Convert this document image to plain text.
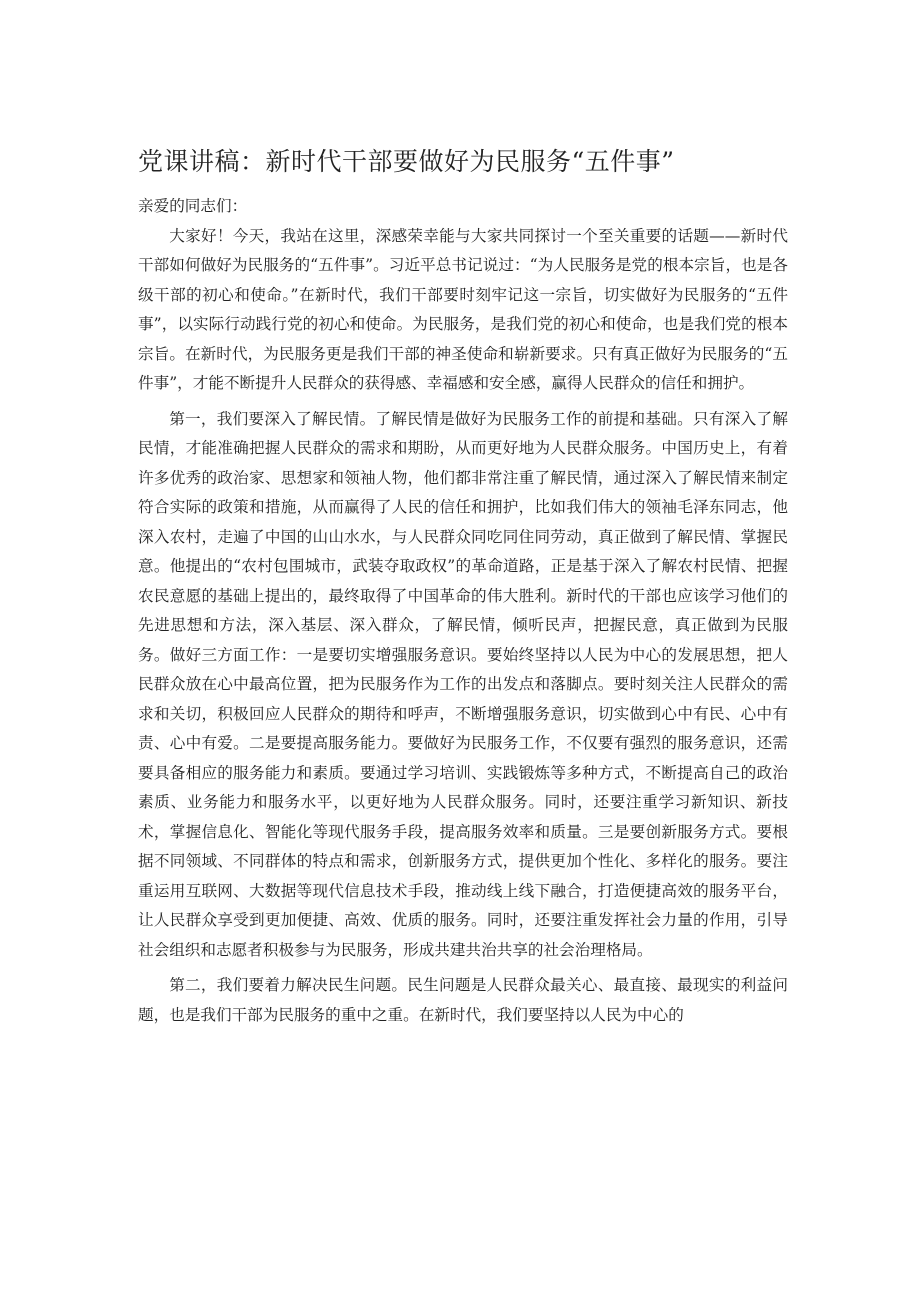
党课讲稿：新时代干部要做好为民服务“五件事”

亲爱的同志们：

大家好！今天，我站在这里，深感荣幸能与大家共同探讨一个至关重要的话题——新时代干部如何做好为民服务的“五件事”。习近平总书记说过：“为人民服务是党的根本宗旨，也是各级干部的初心和使命。”在新时代，我们干部要时刻牢记这一宗旨，切实做好为民服务的“五件事”，以实际行动践行党的初心和使命。为民服务，是我们党的初心和使命，也是我们党的根本宗旨。在新时代，为民服务更是我们干部的神圣使命和崭新要求。只有真正做好为民服务的“五件事”，才能不断提升人民群众的获得感、幸福感和安全感，赢得人民群众的信任和拥护。

第一，我们要深入了解民情。了解民情是做好为民服务工作的前提和基础。只有深入了解民情，才能准确把握人民群众的需求和期盼，从而更好地为人民群众服务。中国历史上，有着许多优秀的政治家、思想家和领袖人物，他们都非常注重了解民情，通过深入了解民情来制定符合实际的政策和措施，从而赢得了人民的信任和拥护，比如我们伟大的领袖毛泽东同志，他深入农村，走遍了中国的山山水水，与人民群众同吃同住同劳动，真正做到了解民情、掌握民意。他提出的“农村包围城市，武装夺取政权”的革命道路，正是基于深入了解农村民情、把握农民意愿的基础上提出的，最终取得了中国革命的伟大胜利。新时代的干部也应该学习他们的先进思想和方法，深入基层、深入群众，了解民情，倾听民声，把握民意，真正做到为民服务。做好三方面工作：一是要切实增强服务意识。要始终坚持以人民为中心的发展思想，把人民群众放在心中最高位置，把为民服务作为工作的出发点和落脚点。要时刻关注人民群众的需求和关切，积极回应人民群众的期待和呼声，不断增强服务意识，切实做到心中有民、心中有责、心中有爱。二是要提高服务能力。要做好为民服务工作，不仅要有强烈的服务意识，还需要具备相应的服务能力和素质。要通过学习培训、实践锻炼等多种方式，不断提高自己的政治素质、业务能力和服务水平，以更好地为人民群众服务。同时，还要注重学习新知识、新技术，掌握信息化、智能化等现代服务手段，提高服务效率和质量。三是要创新服务方式。要根据不同领域、不同群体的特点和需求，创新服务方式，提供更加个性化、多样化的服务。要注重运用互联网、大数据等现代信息技术手段，推动线上线下融合，打造便捷高效的服务平台，让人民群众享受到更加便捷、高效、优质的服务。同时，还要注重发挥社会力量的作用，引导社会组织和志愿者积极参与为民服务，形成共建共治共享的社会治理格局。

第二，我们要着力解决民生问题。民生问题是人民群众最关心、最直接、最现实的利益问题，也是我们干部为民服务的重中之重。在新时代，我们要坚持以人民为中心的
